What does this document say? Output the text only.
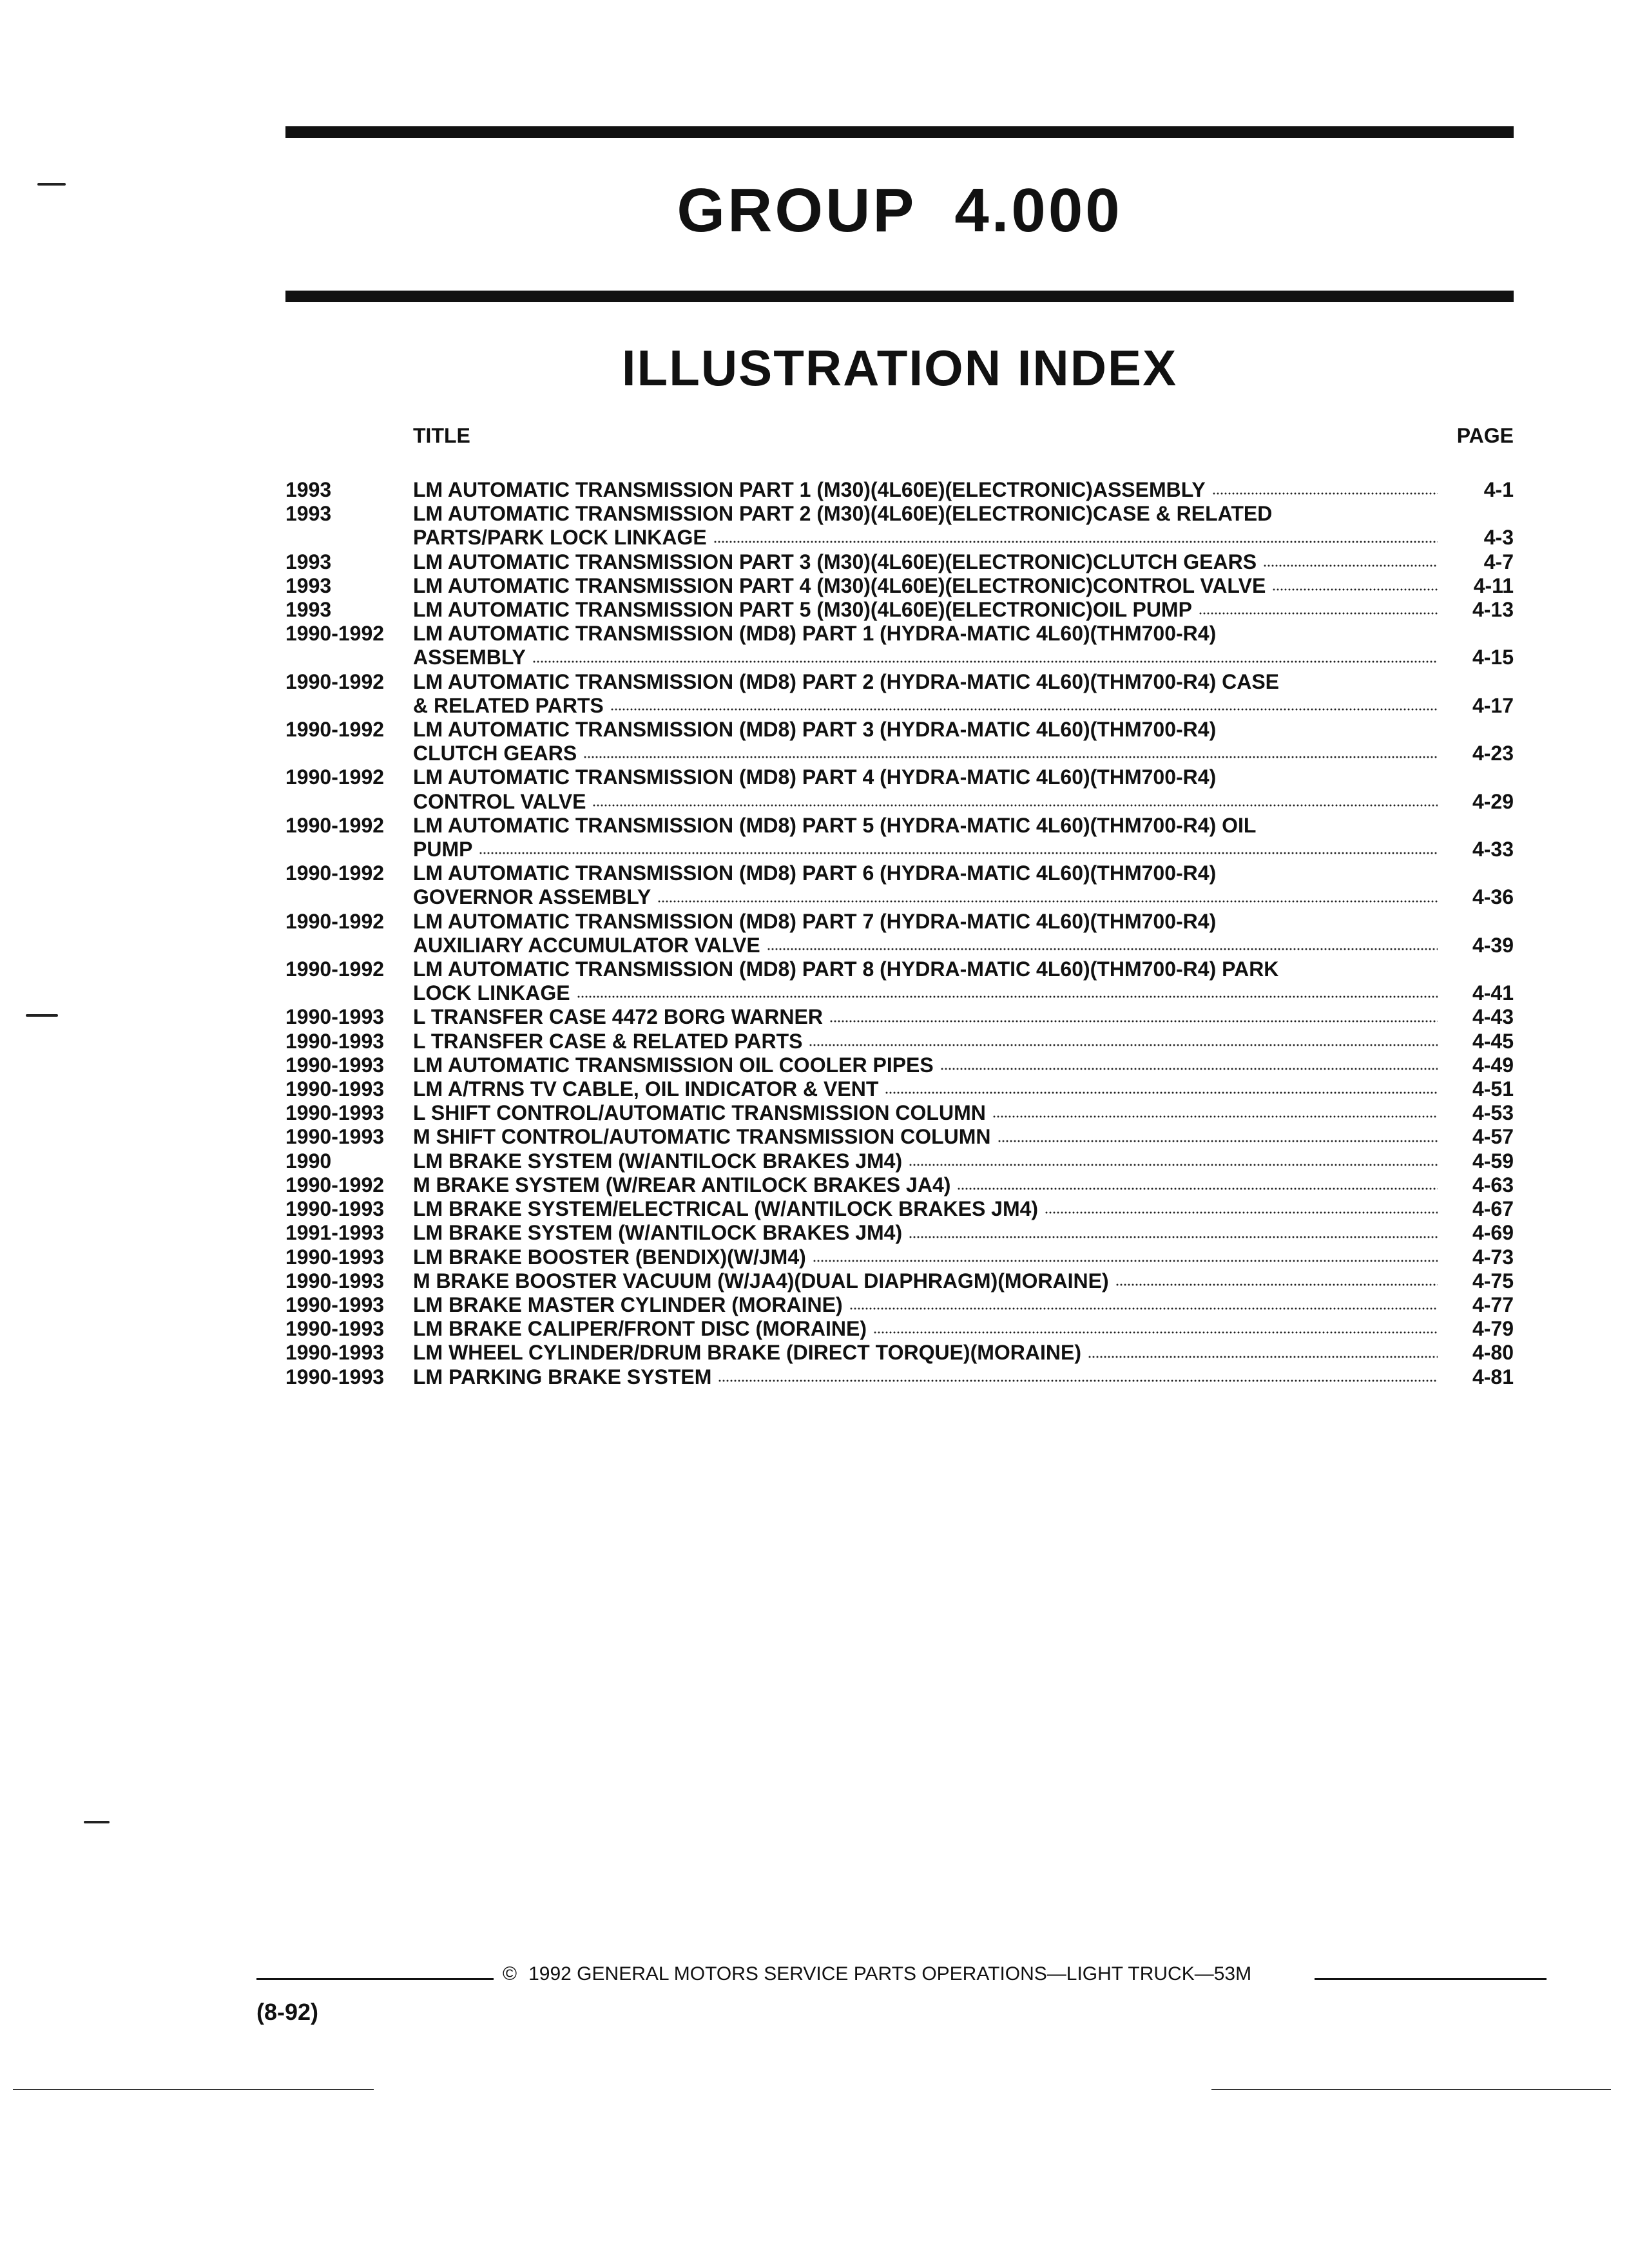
GROUP 4.000
ILLUSTRATION INDEX
TITLE	PAGE
1993	LM AUTOMATIC TRANSMISSION PART 1 (M30)(4L60E)(ELECTRONIC)ASSEMBLY	4-1
1993	LM AUTOMATIC TRANSMISSION PART 2 (M30)(4L60E)(ELECTRONIC)CASE & RELATED
PARTS/PARK LOCK LINKAGE	4-3
1993	LM AUTOMATIC TRANSMISSION PART 3 (M30)(4L60E)(ELECTRONIC)CLUTCH GEARS	4-7
1993	LM AUTOMATIC TRANSMISSION PART 4 (M30)(4L60E)(ELECTRONIC)CONTROL VALVE	4-11
1993	LM AUTOMATIC TRANSMISSION PART 5 (M30)(4L60E)(ELECTRONIC)OIL PUMP	4-13
1990-1992	LM AUTOMATIC TRANSMISSION (MD8) PART 1 (HYDRA-MATIC 4L60)(THM700-R4)
ASSEMBLY	4-15
1990-1992	LM AUTOMATIC TRANSMISSION (MD8) PART 2 (HYDRA-MATIC 4L60)(THM700-R4) CASE
& RELATED PARTS	4-17
1990-1992	LM AUTOMATIC TRANSMISSION (MD8) PART 3 (HYDRA-MATIC 4L60)(THM700-R4)
CLUTCH GEARS	4-23
1990-1992	LM AUTOMATIC TRANSMISSION (MD8) PART 4 (HYDRA-MATIC 4L60)(THM700-R4)
CONTROL VALVE	4-29
1990-1992	LM AUTOMATIC TRANSMISSION (MD8) PART 5 (HYDRA-MATIC 4L60)(THM700-R4) OIL
PUMP	4-33
1990-1992	LM AUTOMATIC TRANSMISSION (MD8) PART 6 (HYDRA-MATIC 4L60)(THM700-R4)
GOVERNOR ASSEMBLY	4-36
1990-1992	LM AUTOMATIC TRANSMISSION (MD8) PART 7 (HYDRA-MATIC 4L60)(THM700-R4)
AUXILIARY ACCUMULATOR VALVE	4-39
1990-1992	LM AUTOMATIC TRANSMISSION (MD8) PART 8 (HYDRA-MATIC 4L60)(THM700-R4) PARK
LOCK LINKAGE	4-41
1990-1993	L TRANSFER CASE 4472 BORG WARNER	4-43
1990-1993	L TRANSFER CASE & RELATED PARTS	4-45
1990-1993	LM AUTOMATIC TRANSMISSION OIL COOLER PIPES	4-49
1990-1993	LM A/TRNS TV CABLE, OIL INDICATOR & VENT	4-51
1990-1993	L SHIFT CONTROL/AUTOMATIC TRANSMISSION COLUMN	4-53
1990-1993	M SHIFT CONTROL/AUTOMATIC TRANSMISSION COLUMN	4-57
1990	LM BRAKE SYSTEM (W/ANTILOCK BRAKES JM4)	4-59
1990-1992	M BRAKE SYSTEM (W/REAR ANTILOCK BRAKES JA4)	4-63
1990-1993	LM BRAKE SYSTEM/ELECTRICAL (W/ANTILOCK BRAKES JM4)	4-67
1991-1993	LM BRAKE SYSTEM (W/ANTILOCK BRAKES JM4)	4-69
1990-1993	LM BRAKE BOOSTER (BENDIX)(W/JM4)	4-73
1990-1993	M BRAKE BOOSTER VACUUM (W/JA4)(DUAL DIAPHRAGM)(MORAINE)	4-75
1990-1993	LM BRAKE MASTER CYLINDER (MORAINE)	4-77
1990-1993	LM BRAKE CALIPER/FRONT DISC (MORAINE)	4-79
1990-1993	LM WHEEL CYLINDER/DRUM BRAKE (DIRECT TORQUE)(MORAINE)	4-80
1990-1993	LM PARKING BRAKE SYSTEM	4-81
© 1992 GENERAL MOTORS SERVICE PARTS OPERATIONS—LIGHT TRUCK—53M
(8-92)
